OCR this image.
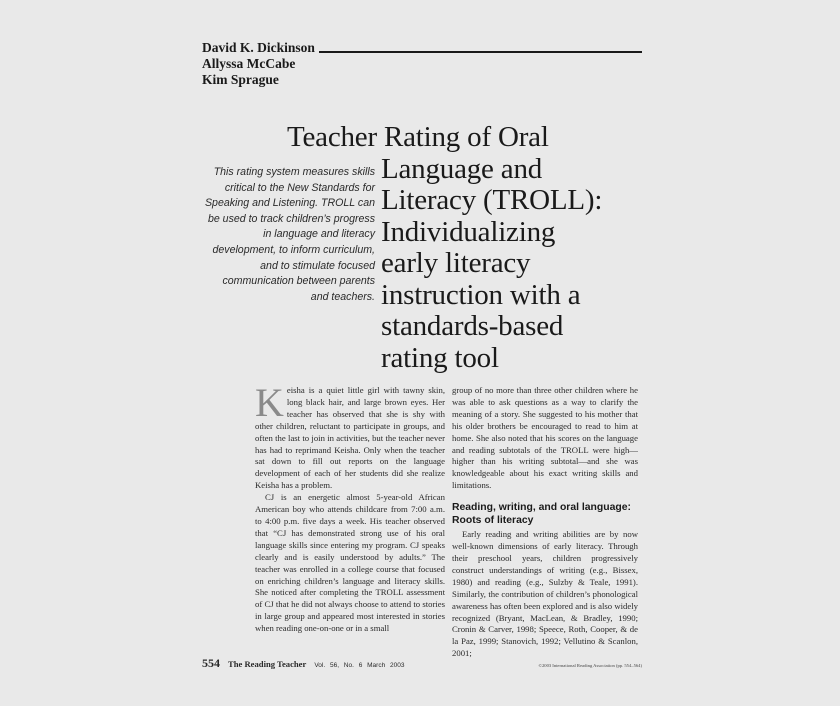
David K. Dickinson
Allyssa McCabe
Kim Sprague
Teacher Rating of Oral
Language and
Literacy (TROLL):
Individualizing
early literacy
instruction with a
standards-based
rating tool

This rating system measures skills critical to the New Standards for Speaking and Listening. TROLL can be used to track children’s progress in language and literacy development, to inform curriculum, and to stimulate focused communication between parents and teachers.

Keisha is a quiet little girl with tawny skin, long black hair, and large brown eyes. Her teacher has observed that she is shy with other children, reluctant to participate in groups, and often the last to join in activities, but the teacher never has had to reprimand Keisha. Only when the teacher sat down to fill out reports on the language development of each of her students did she realize Keisha has a problem.

CJ is an energetic almost 5-year-old African American boy who attends childcare from 7:00 a.m. to 4:00 p.m. five days a week. His teacher observed that “CJ has demonstrated strong use of his oral language skills since entering my program. CJ speaks clearly and is easily understood by adults.” The teacher was enrolled in a college course that focused on enriching children’s language and literacy skills. She noticed after completing the TROLL assessment of CJ that he did not always choose to attend to stories in large group and appeared most interested in stories when reading one-on-one or in a small

group of no more than three other children where he was able to ask questions as a way to clarify the meaning of a story. She suggested to his mother that his older brothers be encouraged to read to him at home. She also noted that his scores on the language and reading subtotals of the TROLL were high—higher than his writing subtotal—and she was knowledgeable about his exact writing skills and limitations.

Reading, writing, and oral language: Roots of literacy

Early reading and writing abilities are by now well-known dimensions of early literacy. Through their preschool years, children progressively construct understandings of writing (e.g., Bissex, 1980) and reading (e.g., Sulzby & Teale, 1991). Similarly, the contribution of children’s phonological awareness has often been explored and is also widely recognized (Bryant, MacLean, & Bradley, 1990; Cronin & Carver, 1998; Speece, Roth, Cooper, & de la Paz, 1999; Stanovich, 1992; Vellutino & Scanlon, 2001;

554 The Reading Teacher Vol. 56, No. 6 March 2003	©2003 International Reading Association (pp. 554–564)
